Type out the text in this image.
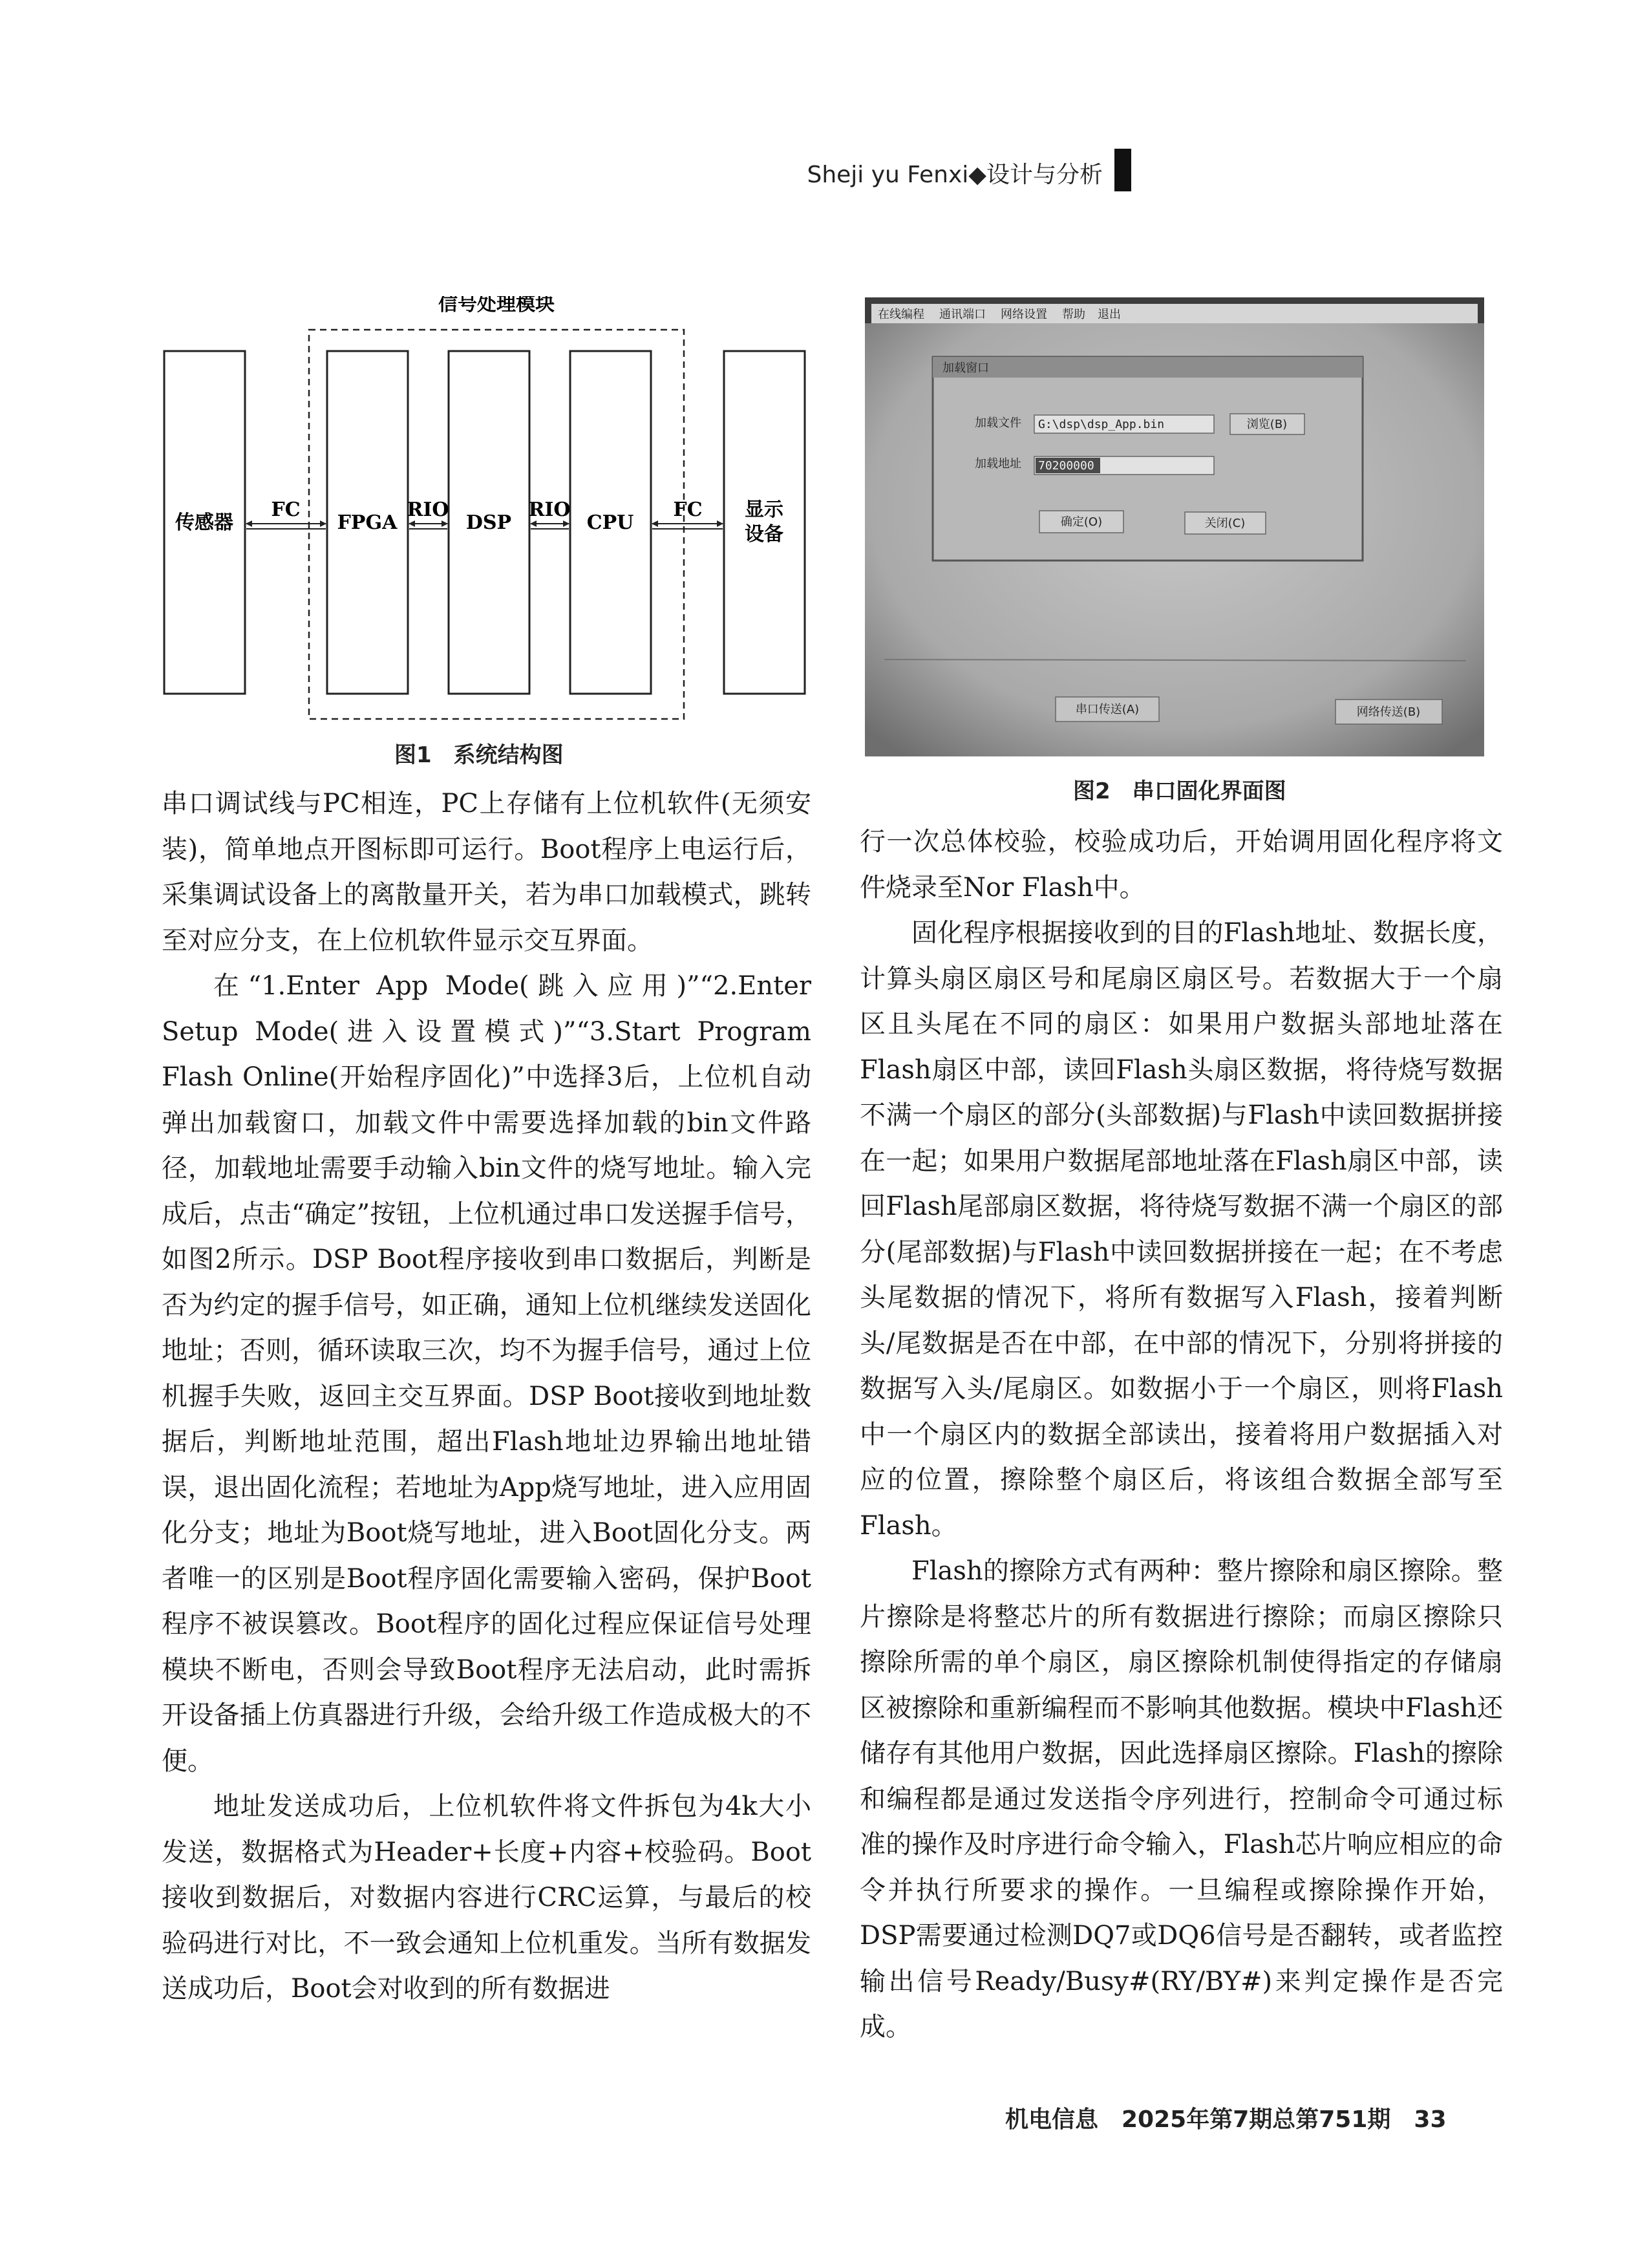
Sheji yu Fenxi◆设计与分析
信号处理模块
传感器	FPGA	DSP	CPU
显示
设备
FC	RIO	RIO	FC
图1　系统结构图
在线编程 通讯端口 网络设置 帮助 退出
加载窗口
加载文件 G:\dsp\dsp_App.bin	浏览(B)
加载地址 70200000
确定(O)	关闭(C)
串口传送(A)	网络传送(B)
图2　串口固化界面图

串口调试线与PC相连，PC上存储有上位机软件(无须安装)，简单地点开图标即可运行。Boot程序上电运行后，采集调试设备上的离散量开关，若为串口加载模式，跳转至对应分支，在上位机软件显示交互界面。

在“1.Enter App Mode(跳入应用)”“2.Enter Setup Mode(进入设置模式)”“3.Start Program Flash Online(开始程序固化)”中选择3后，上位机自动弹出加载窗口，加载文件中需要选择加载的bin文件路径，加载地址需要手动输入bin文件的烧写地址。输入完成后，点击“确定”按钮，上位机通过串口发送握手信号，如图2所示。DSP Boot程序接收到串口数据后，判断是否为约定的握手信号，如正确，通知上位机继续发送固化地址；否则，循环读取三次，均不为握手信号，通过上位机握手失败，返回主交互界面。DSP Boot接收到地址数据后，判断地址范围，超出Flash地址边界输出地址错误，退出固化流程；若地址为App烧写地址，进入应用固化分支；地址为Boot烧写地址，进入Boot固化分支。两者唯一的区别是Boot程序固化需要输入密码，保护Boot程序不被误篡改。Boot程序的固化过程应保证信号处理模块不断电，否则会导致Boot程序无法启动，此时需拆开设备插上仿真器进行升级，会给升级工作造成极大的不便。

地址发送成功后，上位机软件将文件拆包为4k大小发送，数据格式为Header+长度+内容+校验码。Boot接收到数据后，对数据内容进行CRC运算，与最后的校验码进行对比，不一致会通知上位机重发。当所有数据发送成功后，Boot会对收到的所有数据进

行一次总体校验，校验成功后，开始调用固化程序将文件烧录至Nor Flash中。

固化程序根据接收到的目的Flash地址、数据长度，计算头扇区扇区号和尾扇区扇区号。若数据大于一个扇区且头尾在不同的扇区：如果用户数据头部地址落在Flash扇区中部，读回Flash头扇区数据，将待烧写数据不满一个扇区的部分(头部数据)与Flash中读回数据拼接在一起；如果用户数据尾部地址落在Flash扇区中部，读回Flash尾部扇区数据，将待烧写数据不满一个扇区的部分(尾部数据)与Flash中读回数据拼接在一起；在不考虑头尾数据的情况下，将所有数据写入Flash，接着判断头/尾数据是否在中部，在中部的情况下，分别将拼接的数据写入头/尾扇区。如数据小于一个扇区，则将Flash中一个扇区内的数据全部读出，接着将用户数据插入对应的位置，擦除整个扇区后，将该组合数据全部写至Flash。

Flash的擦除方式有两种：整片擦除和扇区擦除。整片擦除是将整芯片的所有数据进行擦除；而扇区擦除只擦除所需的单个扇区，扇区擦除机制使得指定的存储扇区被擦除和重新编程而不影响其他数据。模块中Flash还储存有其他用户数据，因此选择扇区擦除。Flash的擦除和编程都是通过发送指令序列进行，控制命令可通过标准的操作及时序进行命令输入，Flash芯片响应相应的命令并执行所要求的操作。一旦编程或擦除操作开始，DSP需要通过检测DQ7或DQ6信号是否翻转，或者监控输出信号Ready/Busy#(RY/BY#)来判定操作是否完成。

机电信息　2025年第7期总第751期　33
